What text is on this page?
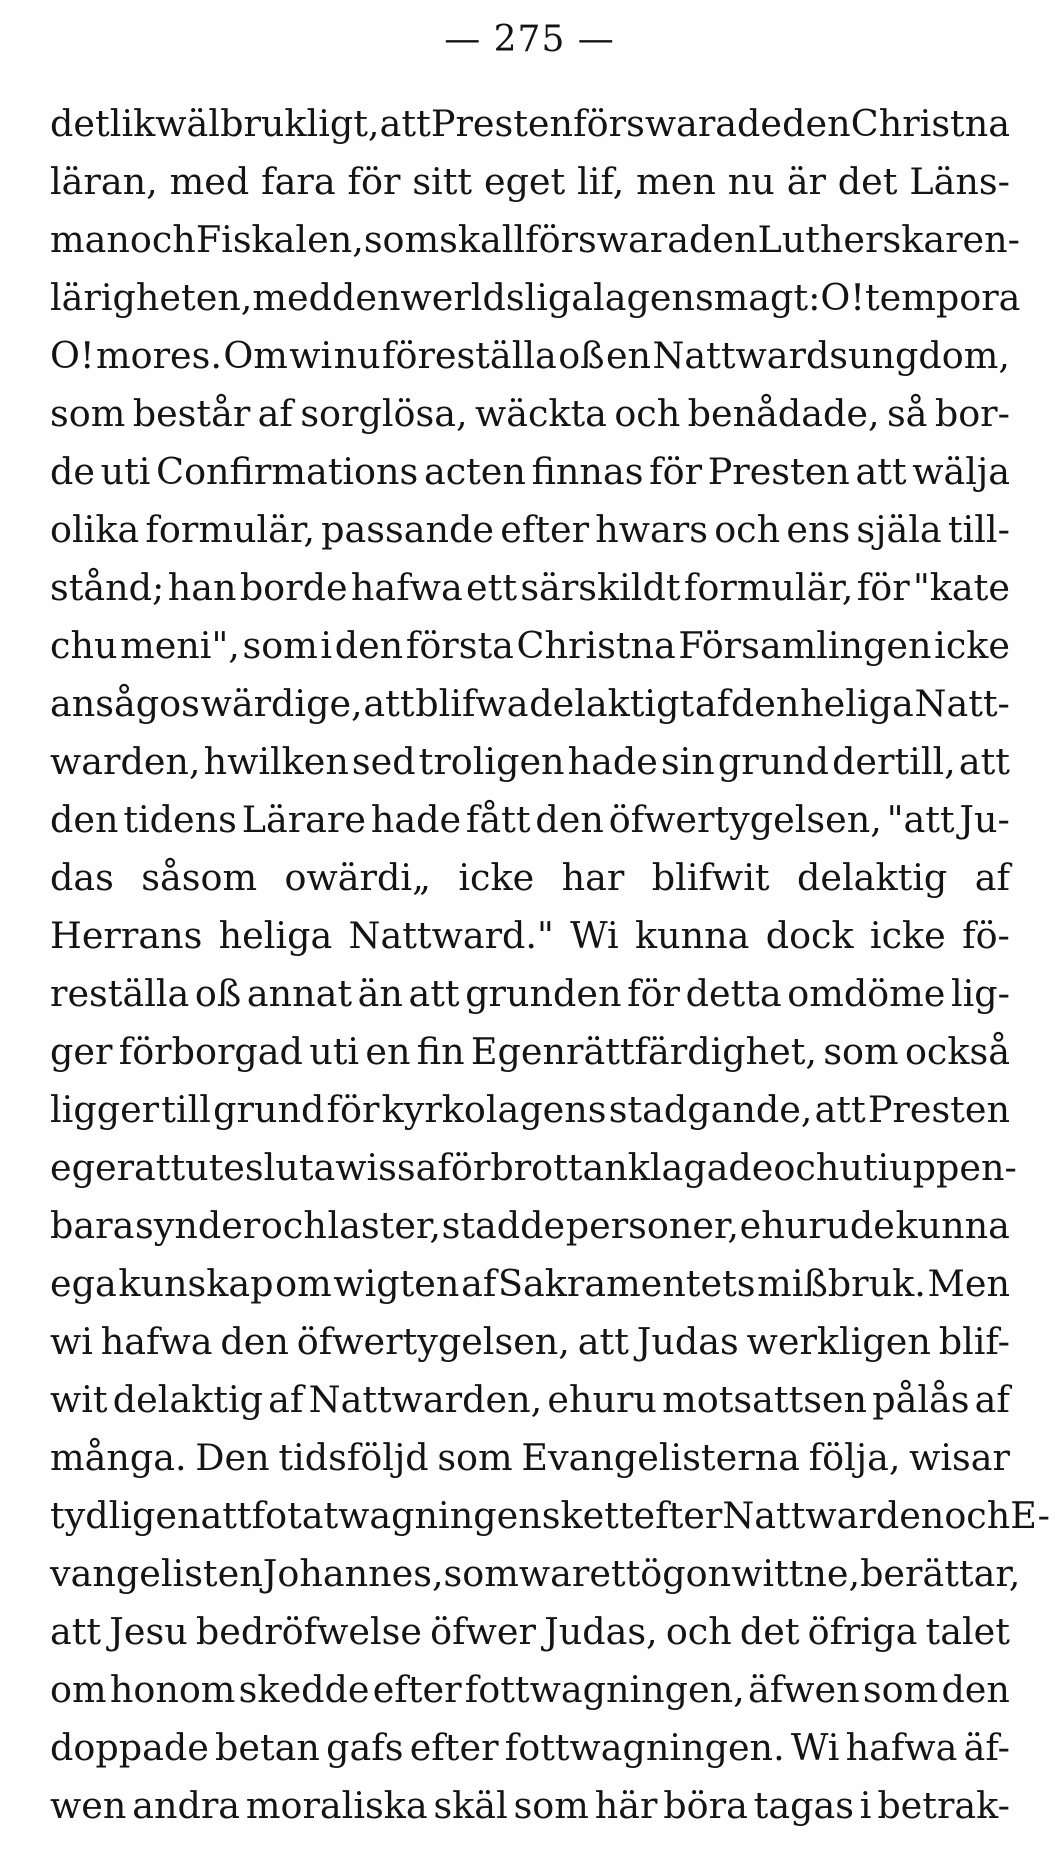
— 275 —
det likwäl brukligt, att Presten förswarade den Christna
läran, med fara för sitt eget lif, men nu är det Läns-
man och Fiskalen, som skall förswara den Lutherska ren-
lärigheten, med den werldsliga lagens magt: O! tempora
O! mores. Om wi nu föreställa oß en Nattwardsungdom,
som består af sorglösa, wäckta och benådade, så bor-
de uti Confirmations acten finnas för Presten att wälja
olika formulär, passande efter hwars och ens själa till-
stånd; han borde hafwa ett särskildt formulär, för "kate
chu meni", som i den första Christna Församlingen icke
ansågos wärdige, att blifwa delaktigt af den heliga Natt-
warden, hwilken sed troligen hade sin grund dertill, att
den tidens Lärare hade fått den öfwertygelsen, "att Ju-
das såsom owärdi„ icke har blifwit delaktig af
Herrans heliga Nattward." Wi kunna dock icke fö-
reställa oß annat än att grunden för detta omdöme lig-
ger förborgad uti en fin Egenrättfärdighet, som också
ligger till grund för kyrkolagens stadgande, att Presten
eger att utesluta wissa för brott anklagade och uti uppen-
bara synder och laster, stadde personer, ehuru de kunna
ega kunskap om wigten af Sakramentets mißbruk. Men
wi hafwa den öfwertygelsen, att Judas werkligen blif-
wit delaktig af Nattwarden, ehuru motsattsen pålås af
många. Den tidsföljd som Evangelisterna följa, wisar
tydligen att fotatwagningen skett efter Nattwarden och E-
vangelisten Johannes, som war ett ögonwittne, berättar,
att Jesu bedröfwelse öfwer Judas, och det öfriga talet
om honom skedde efter fottwagningen, äfwen som den
doppade betan gafs efter fottwagningen. Wi hafwa äf-
wen andra moraliska skäl som här böra tagas i betrak-
